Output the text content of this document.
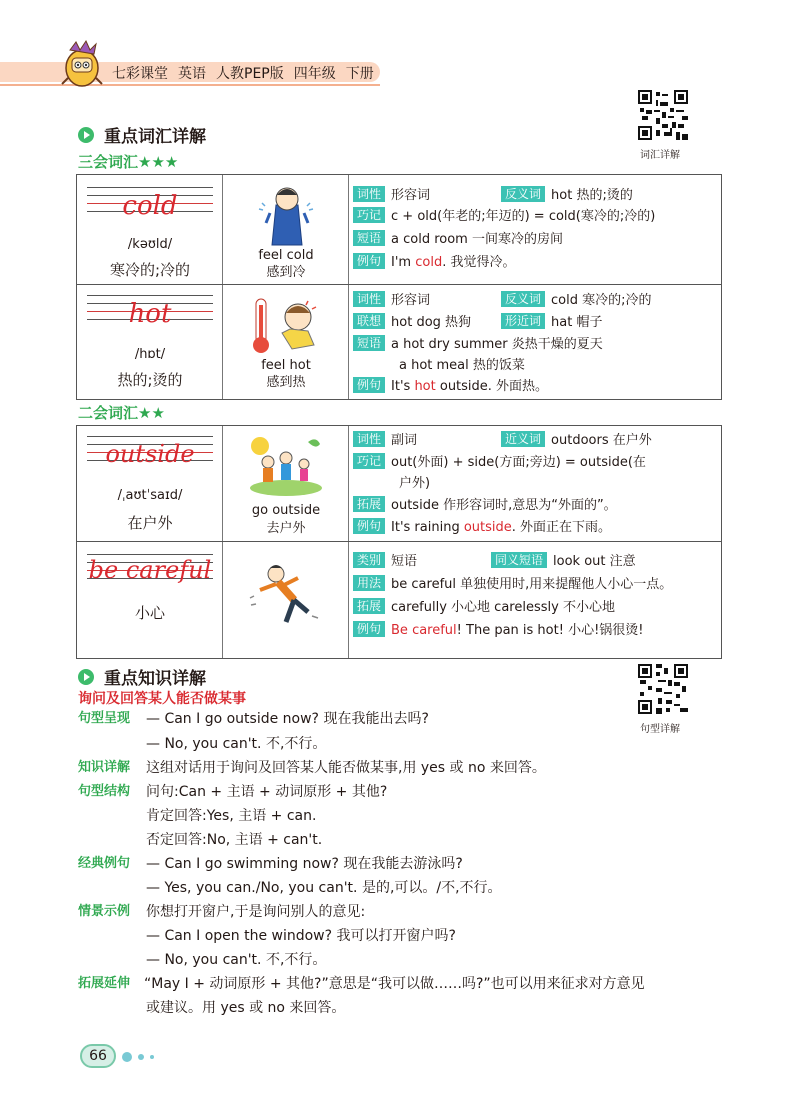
七彩课堂 英语 人教PEP版 四年级 下册
词汇详解
句型详解
重点词汇详解
三会词汇★★★
cold
/kəʊld/
寒冷的;冷的
feel cold
感到冷
词性 形容词	反义词 hot 热的;烫的
巧记 c + old(年老的;年迈的) = cold(寒冷的;冷的)
短语 a cold room 一间寒冷的房间
例句 I'm cold. 我觉得冷。
hot
/hɒt/
热的;烫的
feel hot
感到热
词性 形容词	反义词 cold 寒冷的;冷的
联想 hot dog 热狗	形近词 hat 帽子
短语 a hot dry summer 炎热干燥的夏天
a hot meal 热的饭菜
例句 It's hot outside. 外面热。
二会词汇★★
outside
/ˌaʊtˈsaɪd/
在户外
go outside
去户外
词性 副词	近义词 outdoors 在户外
巧记 out(外面) + side(方面;旁边) = outside(在
户外)
拓展 outside 作形容词时,意思为“外面的”。
例句 It's raining outside. 外面正在下雨。
be careful
小心
类别 短语	同义短语 look out 注意
用法 be careful 单独使用时,用来提醒他人小心一点。
拓展 carefully 小心地 carelessly 不小心地
例句 Be careful! The pan is hot! 小心!锅很烫!
重点知识详解
询问及回答某人能否做某事
句型呈现 — Can I go outside now? 现在我能出去吗?
— No, you can't. 不,不行。
知识详解 这组对话用于询问及回答某人能否做某事,用 yes 或 no 来回答。
句型结构 问句:Can + 主语 + 动词原形 + 其他?
肯定回答:Yes, 主语 + can.
否定回答:No, 主语 + can't.
经典例句 — Can I go swimming now? 现在我能去游泳吗?
— Yes, you can./No, you can't. 是的,可以。/不,不行。
情景示例 你想打开窗户,于是询问别人的意见:
— Can I open the window? 我可以打开窗户吗?
— No, you can't. 不,不行。
拓展延伸 “May I + 动词原形 + 其他?”意思是“我可以做……吗?”也可以用来征求对方意见
或建议。用 yes 或 no 来回答。
66
